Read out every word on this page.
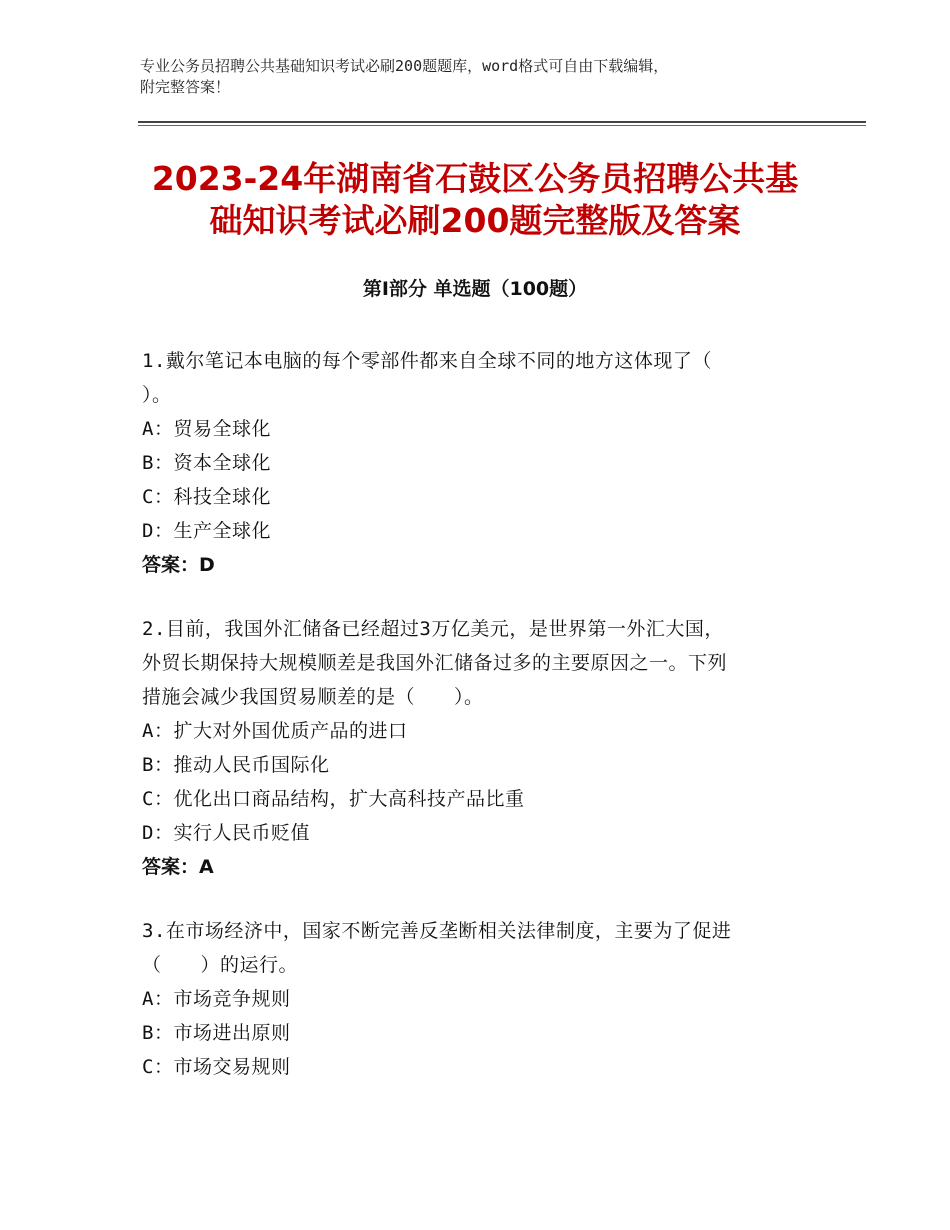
专业公务员招聘公共基础知识考试必刷200题题库，word格式可自由下载编辑，
附完整答案！
2023-24年湖南省石鼓区公务员招聘公共基
础知识考试必刷200题完整版及答案
第Ⅰ部分 单选题（100题）
1.戴尔笔记本电脑的每个零部件都来自全球不同的地方这体现了（
）。
A：贸易全球化
B：资本全球化
C：科技全球化
D：生产全球化
答案：D
2.目前，我国外汇储备已经超过3万亿美元，是世界第一外汇大国，
外贸长期保持大规模顺差是我国外汇储备过多的主要原因之一。下列
措施会减少我国贸易顺差的是（　　）。
A：扩大对外国优质产品的进口
B：推动人民币国际化
C：优化出口商品结构，扩大高科技产品比重
D：实行人民币贬值
答案：A
3.在市场经济中，国家不断完善反垄断相关法律制度，主要为了促进
（　　）的运行。
A：市场竞争规则
B：市场进出原则
C：市场交易规则
